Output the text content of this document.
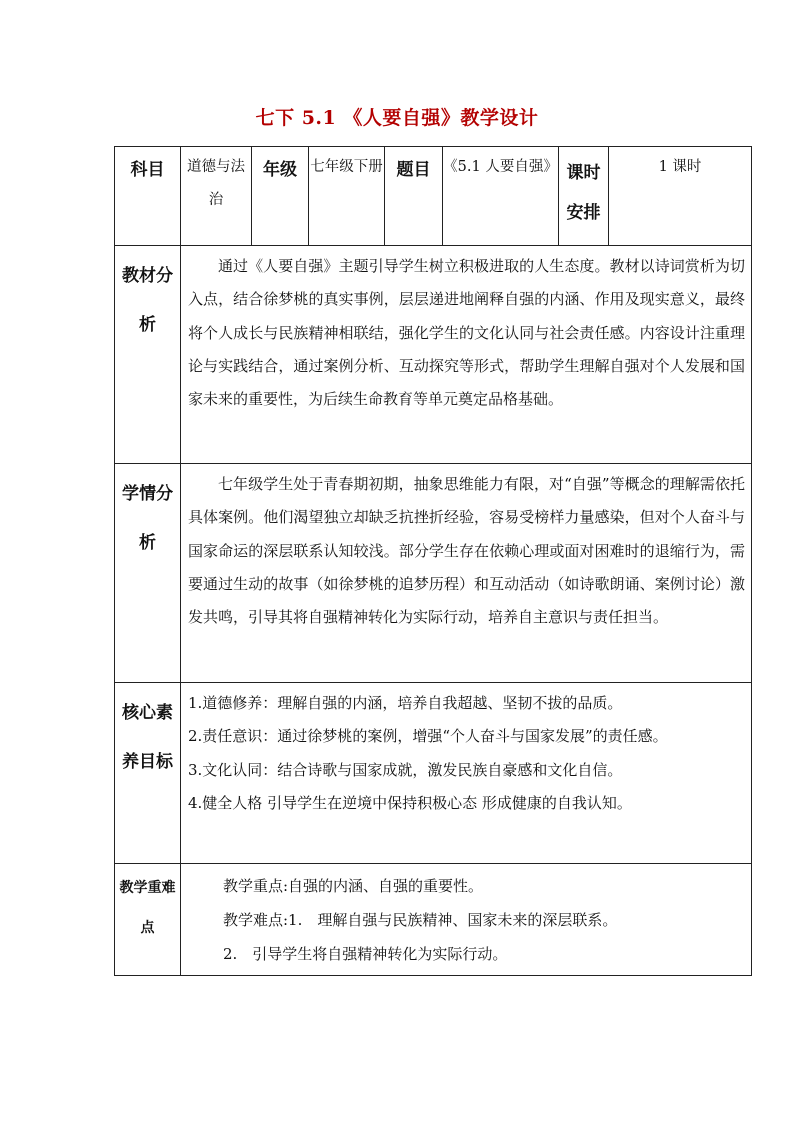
七下 5.1 《人要自强》教学设计
科目	道德与法治	年级	七年级下册	题目	《5.1 人要自强》	课时安排	1 课时
教材分析	通过《人要自强》主题引导学生树立积极进取的人生态度。教材以诗词赏析为切入点，结合徐梦桃的真实事例，层层递进地阐释自强的内涵、作用及现实意义，最终将个人成长与民族精神相联结，强化学生的文化认同与社会责任感。内容设计注重理论与实践结合，通过案例分析、互动探究等形式，帮助学生理解自强对个人发展和国家未来的重要性，为后续生命教育等单元奠定品格基础。						

学情分析	七年级学生处于青春期初期，抽象思维能力有限，对“自强”等概念的理解需依托具体案例。他们渴望独立却缺乏抗挫折经验，容易受榜样力量感染，但对个人奋斗与国家命运的深层联系认知较浅。部分学生存在依赖心理或面对困难时的退缩行为，需要通过生动的故事（如徐梦桃的追梦历程）和互动活动（如诗歌朗诵、案例讨论）激发共鸣，引导其将自强精神转化为实际行动，培养自主意识与责任担当。						

核心素养目标	1.道德修养：理解自强的内涵，培养自我超越、坚韧不拔的品质。

2.责任意识：通过徐梦桃的案例，增强“个人奋斗与国家发展”的责任感。

3.文化认同：结合诗歌与国家成就，激发民族自豪感和文化自信。

4.健全人格 引导学生在逆境中保持积极心态 形成健康的自我认知。						

教学重难点	教学重点:自强的内涵、自强的重要性。

教学难点:1.　理解自强与民族精神、国家未来的深层联系。

2.　引导学生将自强精神转化为实际行动。						
